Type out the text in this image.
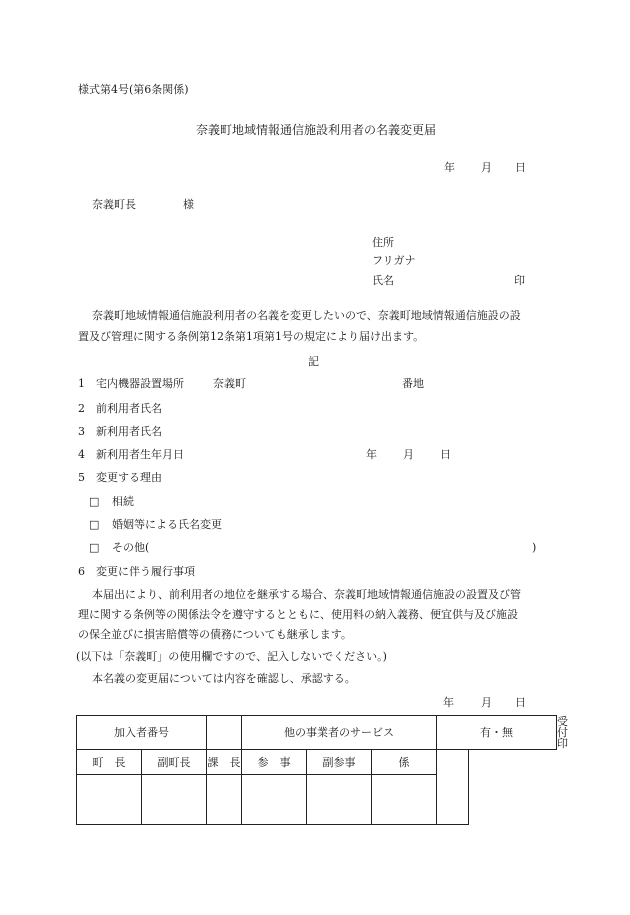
様式第4号(第6条関係)
奈義町地域情報通信施設利用者の名義変更届
年 月 日
奈義町長	様
住所
フリガナ
氏名	印
奈義町地域情報通信施設利用者の名義を変更したいので、奈義町地域情報通信施設の設
置及び管理に関する条例第12条第1項第1号の規定により届け出ます。
記
1 宅内機器設置場所	奈義町	番地
2 前利用者氏名
3 新利用者氏名
4 新利用者生年月日	年 月 日
5 変更する理由
□ 相続
□ 婚姻等による氏名変更
□ その他(	)
6 変更に伴う履行事項
本届出により、前利用者の地位を継承する場合、奈義町地域情報通信施設の設置及び管
理に関する条例等の関係法令を遵守するとともに、使用料の納入義務、便宜供与及び施設
の保全並びに損害賠償等の債務についても継承します。
(以下は「奈義町」の使用欄ですので、記入しないでください。)
本名義の変更届については内容を確認し、承認する。
年 月 日
加入者番号			他の事業者のサービス			有・無	受付印
町　長	副町長	課　長	参　事	副参事	係		
